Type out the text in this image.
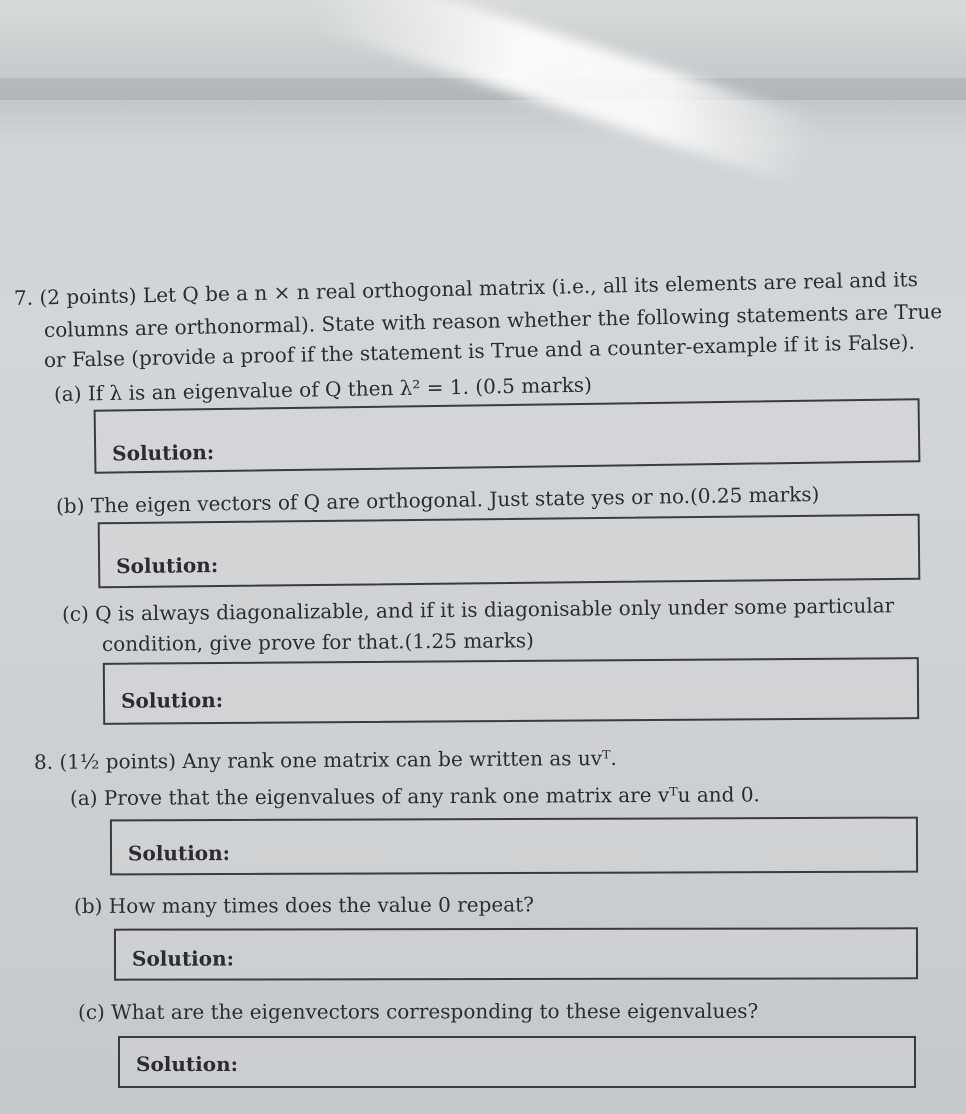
7. (2 points) Let Q be a n × n real orthogonal matrix (i.e., all its elements are real and its
columns are orthonormal). State with reason whether the following statements are True
or False (provide a proof if the statement is True and a counter-example if it is False).
(a) If λ is an eigenvalue of Q then λ² = 1. (0.5 marks)
Solution:
(b) The eigen vectors of Q are orthogonal. Just state yes or no.(0.25 marks)
Solution:
(c) Q is always diagonalizable, and if it is diagonisable only under some particular
condition, give prove for that.(1.25 marks)
Solution:
8. (1½ points) Any rank one matrix can be written as uvᵀ.
(a) Prove that the eigenvalues of any rank one matrix are vᵀu and 0.
Solution:
(b) How many times does the value 0 repeat?
Solution:
(c) What are the eigenvectors corresponding to these eigenvalues?
Solution:
